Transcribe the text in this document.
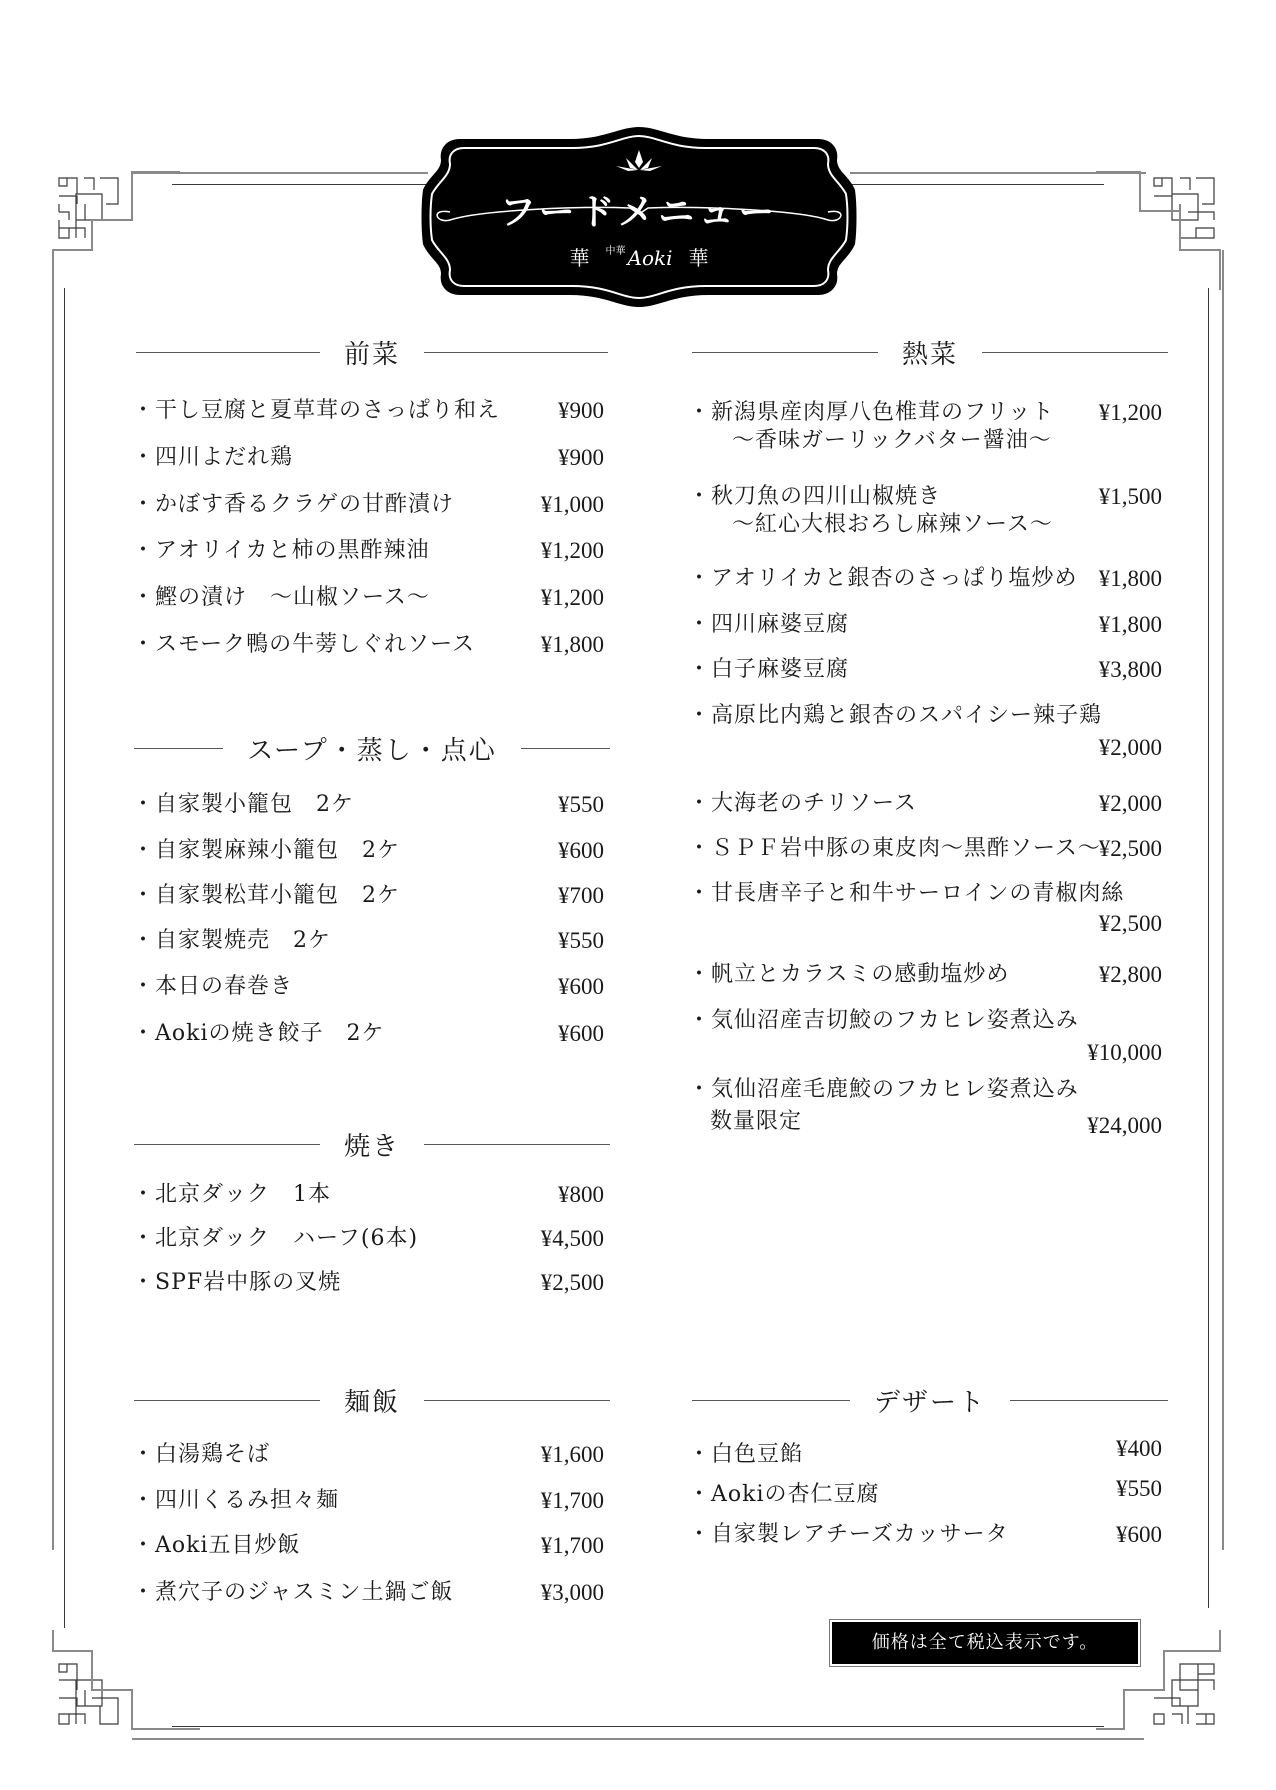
フードメニュー
華 $^{中華}$ Aoki 華
前菜
・干し豆腐と夏草茸のさっぱり和え	¥900
・四川よだれ鶏	¥900
・かぼす香るクラゲの甘酢漬け	¥1,000
・アオリイカと柿の黒酢辣油	¥1,200
・鰹の漬け　～山椒ソース～	¥1,200
・スモーク鴨の牛蒡しぐれソース	¥1,800
スープ・蒸し・点心
・自家製小籠包　2ケ	¥550
・自家製麻辣小籠包　2ケ	¥600
・自家製松茸小籠包　2ケ	¥700
・自家製焼売　2ケ	¥550
・本日の春巻き	¥600
・Aokiの焼き餃子　2ケ	¥600
焼き
・北京ダック　1本	¥800
・北京ダック　ハーフ(6本)	¥4,500
・SPF岩中豚の叉焼	¥2,500
麺飯
・白湯鶏そば	¥1,600
・四川くるみ担々麺	¥1,700
・Aoki五目炒飯	¥1,700
・煮穴子のジャスミン土鍋ご飯	¥3,000
熱菜
・新潟県産肉厚八色椎茸のフリット
～香味ガーリックバター醤油～
¥1,200
・秋刀魚の四川山椒焼き
～紅心大根おろし麻辣ソース～
¥1,500
・アオリイカと銀杏のさっぱり塩炒め ¥1,800
・四川麻婆豆腐	¥1,800
・白子麻婆豆腐	¥3,800
・高原比内鶏と銀杏のスパイシー辣子鶏
¥2,000
・大海老のチリソース	¥2,000
・ＳＰＦ岩中豚の東皮肉～黒酢ソース～
¥2,500
・甘長唐辛子と和牛サーロインの青椒肉絲
¥2,500
・帆立とカラスミの感動塩炒め	¥2,800
・気仙沼産吉切鮫のフカヒレ姿煮込み
¥10,000
・気仙沼産毛鹿鮫のフカヒレ姿煮込み
数量限定	¥24,000
デザート
・白色豆餡	¥400
・Aokiの杏仁豆腐	¥550
・自家製レアチーズカッサータ	¥600
価格は全て税込表示です。
